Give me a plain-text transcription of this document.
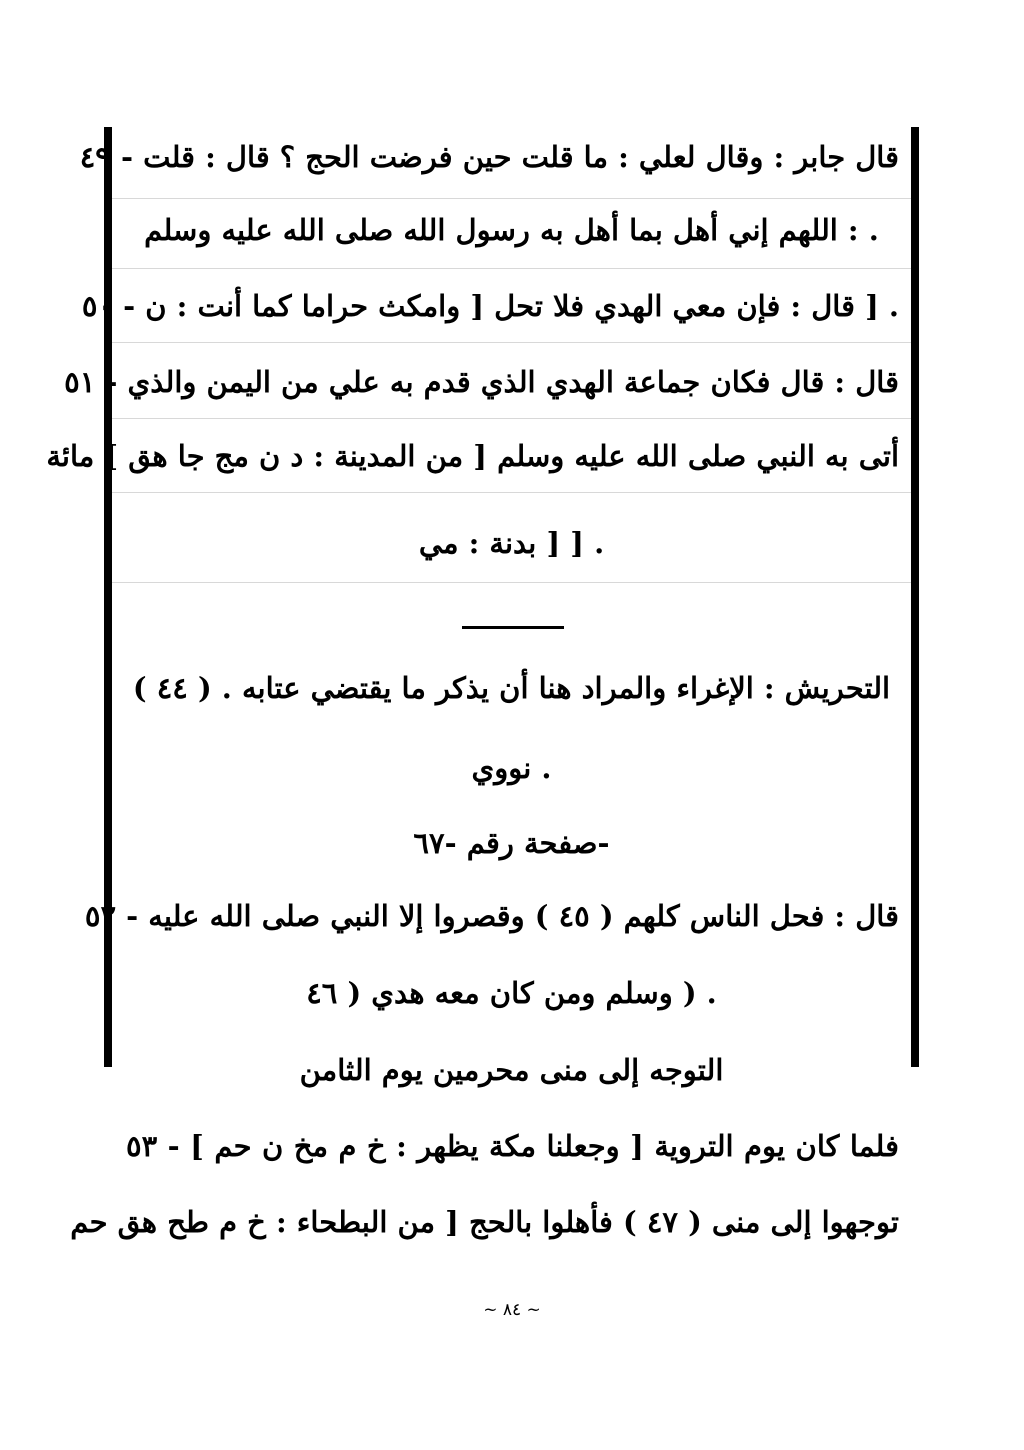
قال جابر : وقال لعلي : ما قلت حين فرضت الحج ؟ قال : قلت - ٤٩

. : اللهم إني أهل بما أهل به رسول الله صلى الله عليه وسلم

. [ قال : فإن معي الهدي فلا تحل [ وامكث حراما كما أنت : ن - ٥٠

قال : قال فكان جماعة الهدي الذي قدم به علي من اليمن والذي - ٥١

أتى به النبي صلى الله عليه وسلم [ من المدينة : د ن مج جا هق ] مائة

. [ [ بدنة : مي

التحريش : الإغراء والمراد هنا أن يذكر ما يقتضي عتابه . ( ٤٤ )

. نووي

-صفحة رقم -٦٧

قال : فحل الناس كلهم ( ٤٥ ) وقصروا إلا النبي صلى الله عليه - ٥٢

. ( وسلم ومن كان معه هدي ( ٤٦

التوجه إلى منى محرمين يوم الثامن

فلما كان يوم التروية [ وجعلنا مكة يظهر : خ م مخ ن حم ] - ٥٣

توجهوا إلى منى ( ٤٧ ) فأهلوا بالحج [ من البطحاء : خ م طح هق حم

~ ٨٤ ~
